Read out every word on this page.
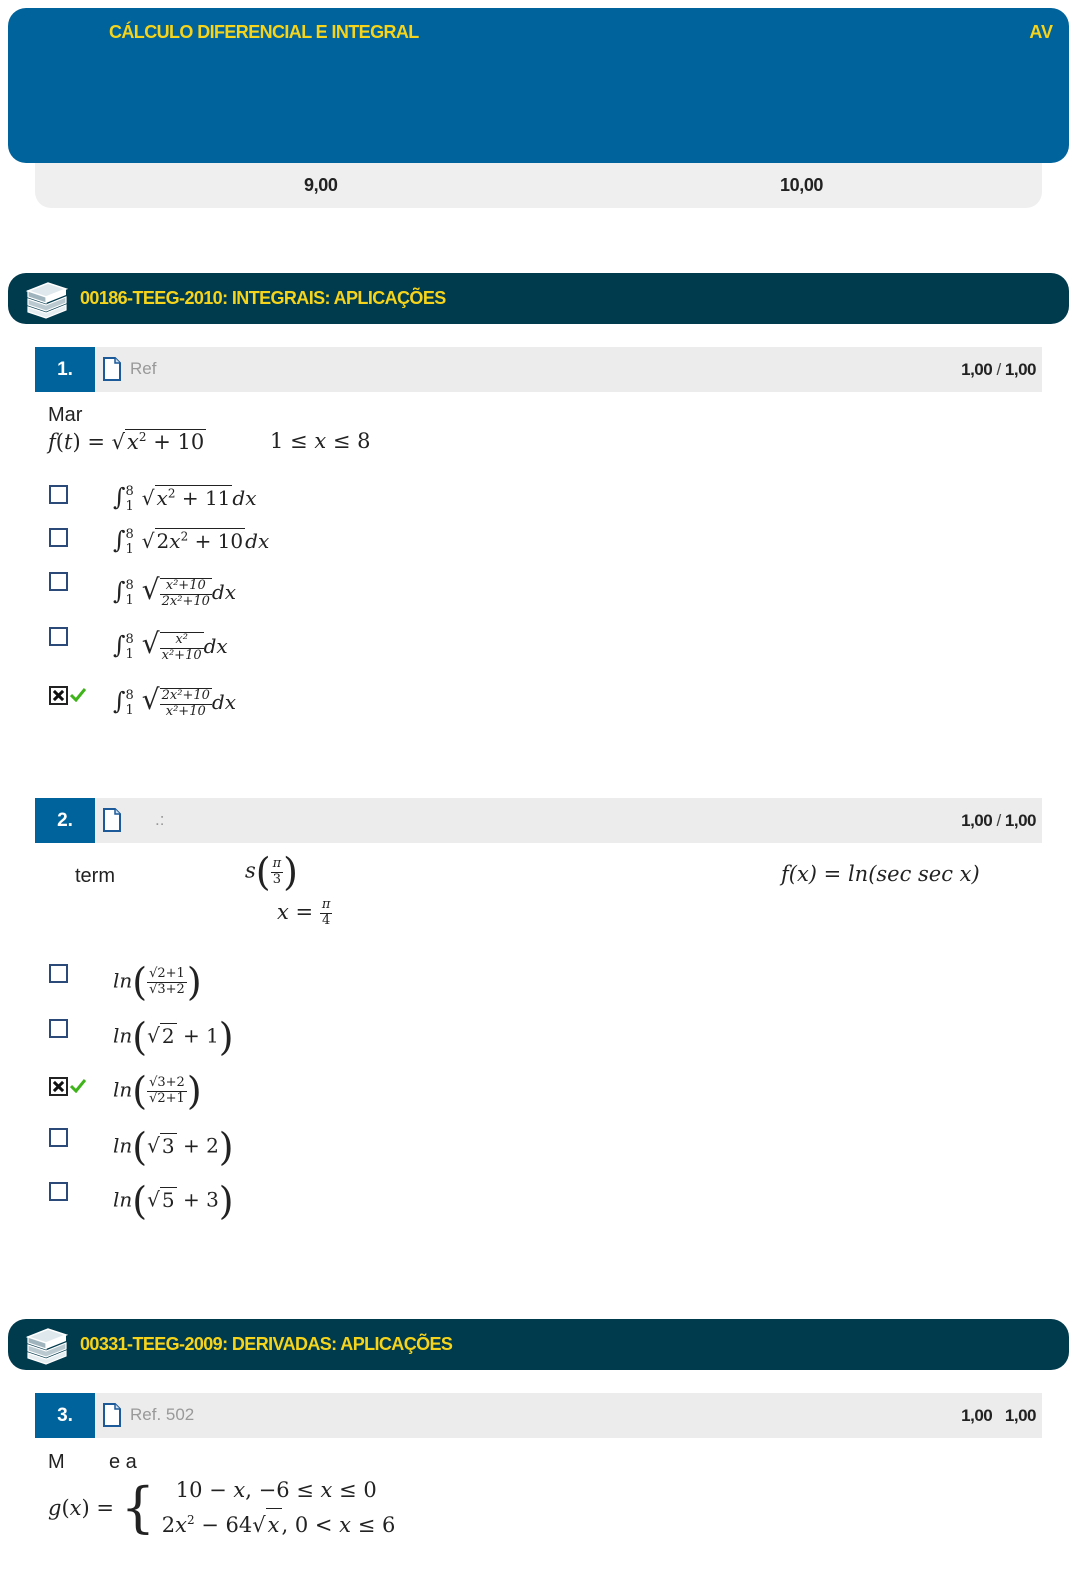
CÁLCULO DIFERENCIAL E INTEGRAL	AV
9,00	10,00
00186-TEEG-2010: INTEGRAIS: APLICAÇÕES
1.	Ref	1,00 / 1,00
Mar
$f(t) = √x^2 + 10$	1 ≤ x ≤ 8
∫ 8
1 √ $x^2 + 11$ dx
∫ 8
1 √ $2x^2 + 10$ dx
∫ 8
1 √ $\frac{\text{x²+10}}{\text{2x²+10}}$ dx
∫ 8
1 √ $\frac{\text{x²}}{\text{x²+10}}$ dx
∫ 8
1 √ $\frac{\text{2x²+10}}{\text{x²+10}}$ dx
2.	.:	1,00 / 1,00
term	$s( \frac{\pi}{3}$ )
$x = \frac{\pi}{4}$
f(x) = ln(sec sec x)
$\ln( \frac{√2+1}{√3+2}$ )
ln(√ 2 + 1)
$\ln( \frac{√3+2}{√2+1}$ )
ln(√ 3 + 2)
ln(√ 5 + 3)
00331-TEEG-2009: DERIVADAS: APLICAÇÕES
3.	Ref. 502	1,00 1,00
M e a
g(x) = { 10 − x, −6 ≤ x ≤ 0
$2x^2 - 64√x$, 0 < x ≤ 6
